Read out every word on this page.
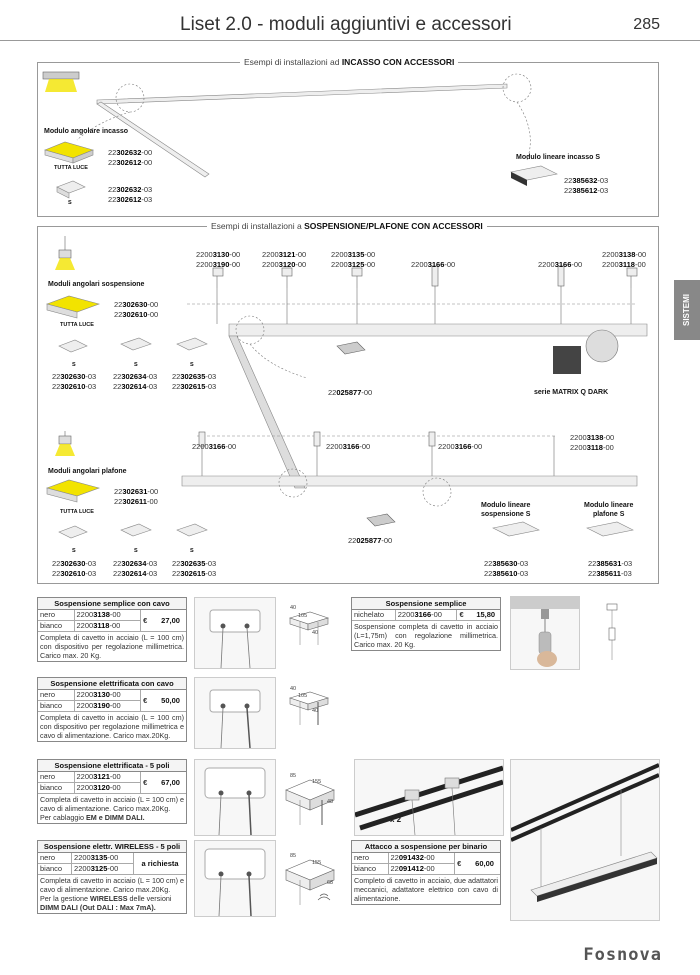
Liset 2.0 - moduli aggiuntivi e accessori	285
SISTEMI
Esempi di installazioni ad INCASSO CON ACCESSORI
Modulo angolare incasso
TUTTA LUCE
S
22302632-00
22302612-00
22302632-03
22302612-03
Modulo lineare incasso S
22385632-03
22385612-03
Esempi di installazioni a SOSPENSIONE/PLAFONE CON ACCESSORI
22003130-00
22003190-00
22003121-00
22003120-00
22003135-00
22003125-00	22003166-00	22003166-00
22003138-00
22003118-00
Moduli angolari sospensione
TUTTA LUCE
22302630-00
22302610-00
S	S	S
22302630-03
22302610-03
22302634-03
22302614-03
22302635-03
22302615-03
22025877-00	serie MATRIX Q DARK
22003166-00	22003166-00	22003166-00
22003138-00
22003118-00
Moduli angolari plafone
TUTTA LUCE
22302631-00
22302611-00
S	S	S
22302630-03
22302610-03
22302634-03
22302614-03
22302635-03
22302615-03
22025877-00
Modulo lineare
sospensione S
22385630-03
22385610-03
Modulo lineare
plafone S
22385631-03
22385611-03
Sospensione semplice con cavo
nero	22003138-00	€	27,00
bianco	22003118-00		
Completa di cavetto in acciaio (L = 100 cm) con dispositivo per regolazione millimetrica. Carico max. 20 Kg.
Sospensione elettrificata con cavo
nero	22003130-00	€	50,00
bianco	22003190-00		
Completa di cavetto in acciaio (L = 100 cm) con dispositivo per regolazione millimetrica e cavo di alimentazione. Carico max.20Kg.
Sospensione elettrificata - 5 poli
nero	22003121-00	€	67,00
bianco	22003120-00		
Completa di cavetto in acciaio (L = 100 cm) e cavo di alimentazione. Carico max.20Kg.
Per cablaggio EM e DIMM DALI.
Sospensione elettr. WIRELESS - 5 poli
nero	22003135-00	a richiesta
bianco	22003125-00	
Completa di cavetto in acciaio (L = 100 cm) e cavo di alimentazione. Carico max.20Kg.
Per la gestione WIRELESS delle versioni
DIMM DALI (Out DALI : Max 7mA).
Sospensione semplice
nichelato	22003166-00	€	15,80
Sospensione completa di cavetto in acciaio (L=1,75m) con regolazione millimetrica. Carico max. 20 Kg.
Attacco a sospensione per binario
nero	22091432-00	€	60,00
bianco	22091412-00		
Completo di cavetto in acciaio, due adattatori meccanici, adattatore elettrico con cavo di alimentazione.
40
105
40
40
105
40
85
155
48
85
155
68
x 2
Fosnova
